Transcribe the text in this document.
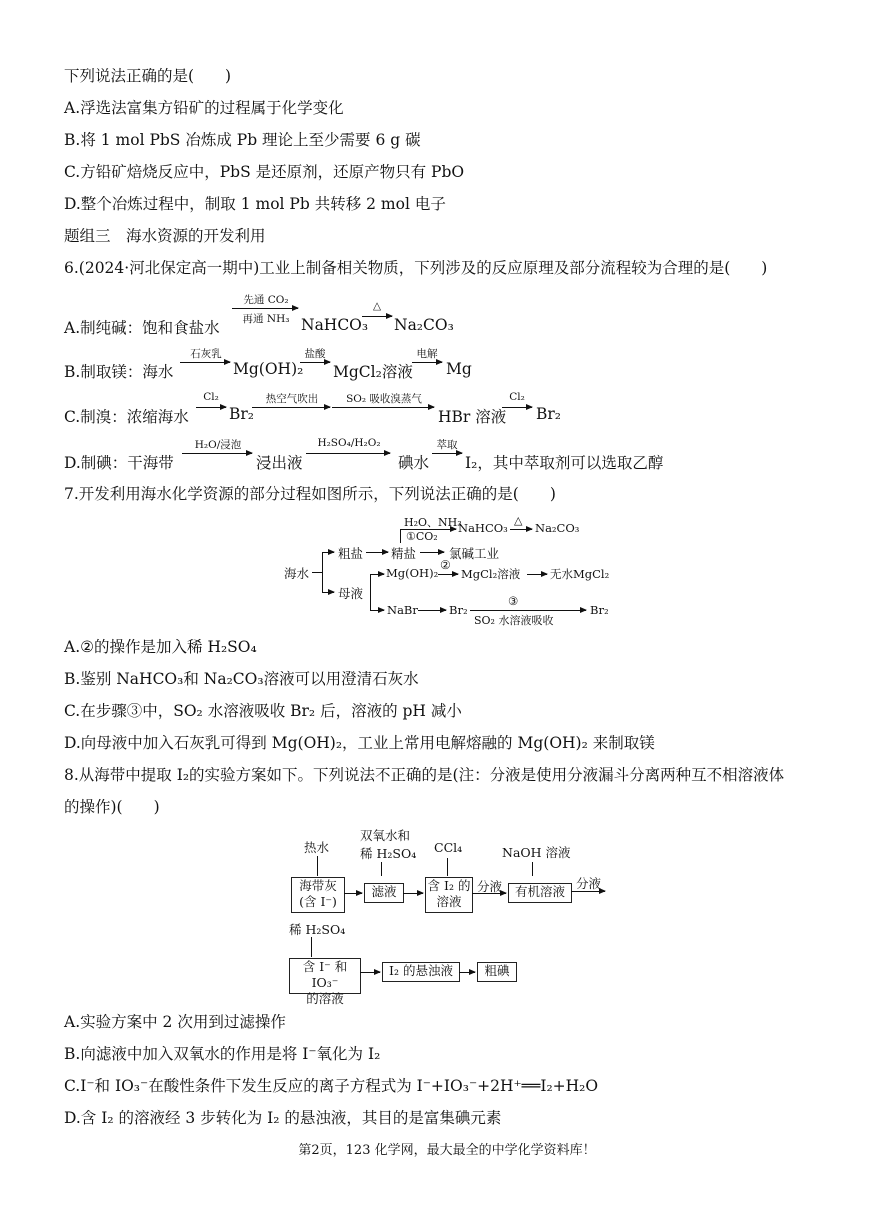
下列说法正确的是(　　)
A.浮选法富集方铅矿的过程属于化学变化
B.将 1 mol PbS 冶炼成 Pb 理论上至少需要 6 g 碳
C.方铅矿焙烧反应中，PbS 是还原剂，还原产物只有 PbO
D.整个冶炼过程中，制取 1 mol Pb 共转移 2 mol 电子
题组三　海水资源的开发利用
6.(2024·河北保定高一期中)工业上制备相关物质，下列涉及的反应原理及部分流程较为合理的是(　　)
A.制纯碱：饱和食盐水
先通 CO₂
再通 NH₃ NaHCO₃
△
Na₂CO₃
B.制取镁：海水
石灰乳
Mg(OH)₂
盐酸
MgCl₂溶液
电解
Mg
C.制溴：浓缩海水
Cl₂
Br₂
热空气吹出	SO₂ 吸收溴蒸气
HBr 溶液
Cl₂
Br₂
D.制碘：干海带
H₂O/浸泡
浸出液
H₂SO₄/H₂O₂
碘水
萃取
I₂，其中萃取剂可以选取乙醇
7.开发利用海水化学资源的部分过程如图所示，下列说法正确的是(　　)
H₂O、NH₃
①CO₂
NaHCO₃
△
Na₂CO₃
海水
粗盐 精盐	氯碱工业
母液
Mg(OH)₂
②
MgCl₂溶液	无水MgCl₂
NaBr	Br₂
③
SO₂ 水溶液吸收
Br₂
A.②的操作是加入稀 H₂SO₄
B.鉴别 NaHCO₃和 Na₂CO₃溶液可以用澄清石灰水
C.在步骤③中，SO₂ 水溶液吸收 Br₂ 后，溶液的 pH 减小
D.向母液中加入石灰乳可得到 Mg(OH)₂，工业上常用电解熔融的 Mg(OH)₂ 来制取镁
8.从海带中提取 I₂的实验方案如下。下列说法不正确的是(注：分液是使用分液漏斗分离两种互不相溶液体
的操作)(　　)
热水
双氧水和
稀 H₂SO₄ CCl₄	NaOH 溶液
海带灰
(含 I⁻)
滤液	含 I₂ 的
溶液
分液	有机溶液
分液
稀 H₂SO₄
含 I⁻ 和 IO₃⁻
的溶液
I₂ 的悬浊液	粗碘
A.实验方案中 2 次用到过滤操作
B.向滤液中加入双氧水的作用是将 I⁻氧化为 I₂
C.I⁻和 IO₃⁻在酸性条件下发生反应的离子方程式为 I⁻+IO₃⁻+2H⁺══I₂+H₂O
D.含 I₂ 的溶液经 3 步转化为 I₂ 的悬浊液，其目的是富集碘元素
第2页，123 化学网，最大最全的中学化学资料库！
